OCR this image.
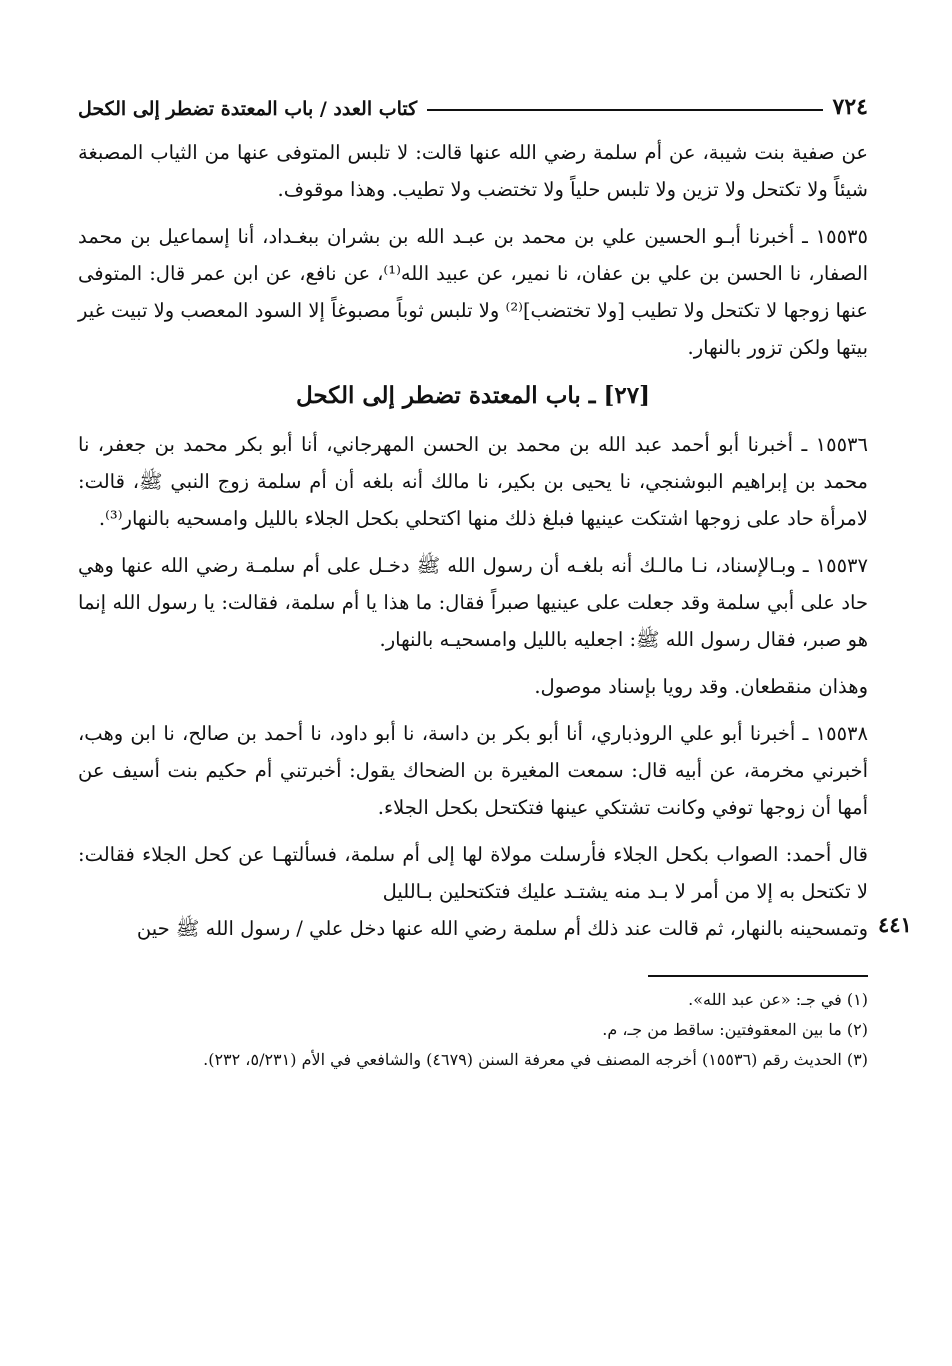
٧٢٤
كتاب العدد / باب المعتدة تضطر إلى الكحل

عن صفية بنت شيبة، عن أم سلمة رضي الله عنها قالت: لا تلبس المتوفى عنها من الثياب المصبغة شيئاً ولا تكتحل ولا تزين ولا تلبس حلياً ولا تختضب ولا تطيب. وهذا موقوف.

١٥٥٣٥ ـ أخبرنا أبـو الحسين علي بن محمد بن عبـد الله بن بشران ببغـداد، أنا إسماعيل بن محمد الصفار، نا الحسن بن علي بن عفان، نا نمير، عن عبيد الله⁽¹⁾، عن نافع، عن ابن عمر قال: المتوفى عنها زوجها لا تكتحل ولا تطيب [ولا تختضب]⁽²⁾ ولا تلبس ثوباً مصبوغاً إلا السود المعصب ولا تبيت غير بيتها ولكن تزور بالنهار.

[٢٧] ـ باب المعتدة تضطر إلى الكحل

١٥٥٣٦ ـ أخبرنا أبو أحمد عبد الله بن محمد بن الحسن المهرجاني، أنا أبو بكر محمد بن جعفر، نا محمد بن إبراهيم البوشنجي، نا يحيى بن بكير، نا مالك أنه بلغه أن أم سلمة زوج النبي ﷺ، قالت: لامرأة حاد على زوجها اشتكت عينيها فبلغ ذلك منها اكتحلي بكحل الجلاء بالليل وامسحيه بالنهار⁽³⁾.

١٥٥٣٧ ـ وبـالإسناد، نـا مالـك أنه بلغـه أن رسول الله ﷺ دخـل على أم سلمـة رضي الله عنها وهي حاد على أبي سلمة وقد جعلت على عينيها صبراً فقال: ما هذا يا أم سلمة، فقالت: يا رسول الله إنما هو صبر، فقال رسول الله ﷺ: اجعليه بالليل وامسحيـه بالنهار.

وهذان منقطعان. وقد رويا بإسناد موصول.

١٥٥٣٨ ـ أخبرنا أبو علي الروذباري، أنا أبو بكر بن داسة، نا أبو داود، نا أحمد بن صالح، نا ابن وهب، أخبرني مخرمة، عن أبيه قال: سمعت المغيرة بن الضحاك يقول: أخبرتني أم حكيم بنت أسيف عن أمها أن زوجها توفي وكانت تشتكي عينها فتكتحل بكحل الجلاء.

قال أحمد: الصواب بكحل الجلاء فأرسلت مولاة لها إلى أم سلمة، فسألتهـا عن كحل الجلاء فقالت: لا تكتحل به إلا من أمر لا بـد منه يشتـد عليك فتكتحلين بـالليل

وتمسحينه بالنهار، ثم قالت عند ذلك أم سلمة رضي الله عنها دخل علي / رسول الله ﷺ حين ٤٤١

(١) في جـ: «عن عبد الله».

(٢) ما بين المعقوفتين: ساقط من جـ، م.

(٣) الحديث رقم (١٥٥٣٦) أخرجه المصنف في معرفة السنن (٤٦٧٩) والشافعي في الأم (٥/٢٣١، ٢٣٢).
